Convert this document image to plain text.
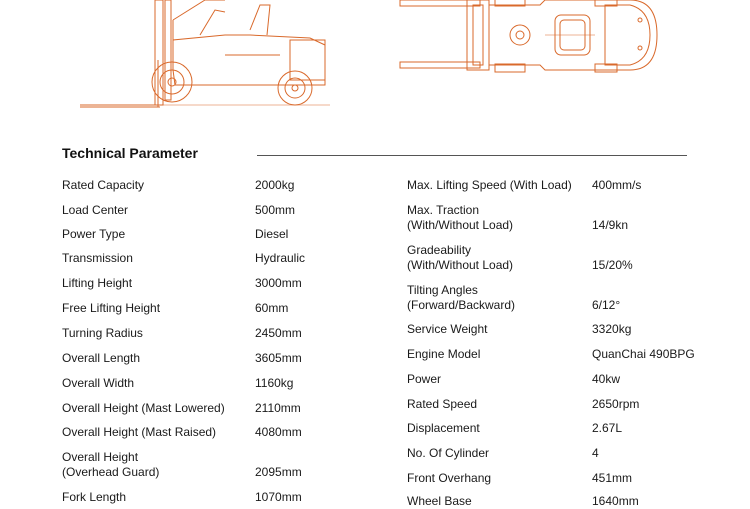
Technical Parameter
Rated Capacity	2000kg
Load Center	500mm
Power Type	Diesel
Transmission	Hydraulic
Lifting Height	3000mm
Free Lifting Height	60mm
Turning Radius	2450mm
Overall Length	3605mm
Overall Width	1160kg
Overall Height (Mast Lowered)	2110mm
Overall Height (Mast Raised)	4080mm
Overall Height
(Overhead Guard)	2095mm
Fork Length	1070mm
Max. Lifting Speed (With Load) 400mm/s
Max. Traction
(With/Without Load)	14/9kn
Gradeability
(With/Without Load)	15/20%
Tilting Angles
(Forward/Backward)	6/12°
Service Weight	3320kg
Engine Model	QuanChai 490BPG
Power	40kw
Rated Speed	2650rpm
Displacement	2.67L
No. Of Cylinder	4
Front Overhang	451mm
Wheel Base	1640mm
